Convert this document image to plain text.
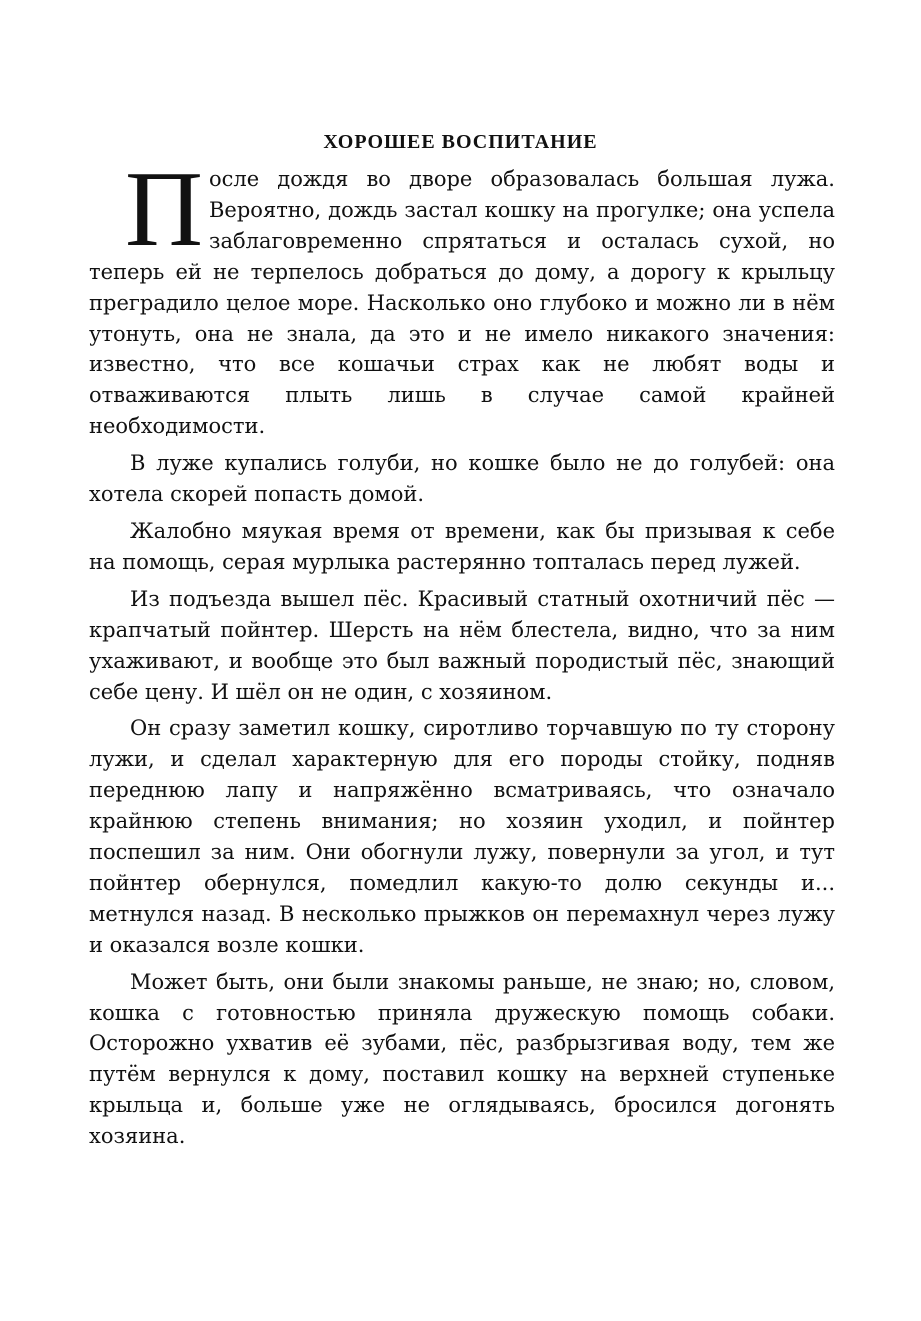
ХОРОШЕЕ ВОСПИТАНИЕ

После дождя во дворе образовалась большая лужа. Вероятно, дождь застал кошку на прогулке; она успела заблаговременно спрятаться и осталась сухой, но теперь ей не терпелось добраться до дому, а дорогу к крыльцу преградило целое море. Насколько оно глубоко и можно ли в нём утонуть, она не знала, да это и не имело никакого значения: известно, что все кошачьи страх как не любят воды и отваживаются плыть лишь в случае самой крайней необходимости.

В луже купались голуби, но кошке было не до голубей: она хотела скорей попасть домой.

Жалобно мяукая время от времени, как бы призывая к себе на помощь, серая мурлыка растерянно топталась перед лужей.

Из подъезда вышел пёс. Красивый статный охотничий пёс — крапчатый пойнтер. Шерсть на нём блестела, видно, что за ним ухаживают, и вообще это был важный породистый пёс, знающий себе цену. И шёл он не один, с хозяином.

Он сразу заметил кошку, сиротливо торчавшую по ту сторону лужи, и сделал характерную для его породы стойку, подняв переднюю лапу и напряжённо всматриваясь, что означало крайнюю степень внимания; но хозяин уходил, и пойнтер поспешил за ним. Они обогнули лужу, повернули за угол, и тут пойнтер обернулся, помедлил какую-то долю секунды и... метнулся назад. В несколько прыжков он перемахнул через лужу и оказался возле кошки.

Может быть, они были знакомы раньше, не знаю; но, словом, кошка с готовностью приняла дружескую помощь собаки. Осторожно ухватив её зубами, пёс, разбрызгивая воду, тем же путём вернулся к дому, поставил кошку на верхней ступеньке крыльца и, больше уже не оглядываясь, бросился догонять хозяина.
